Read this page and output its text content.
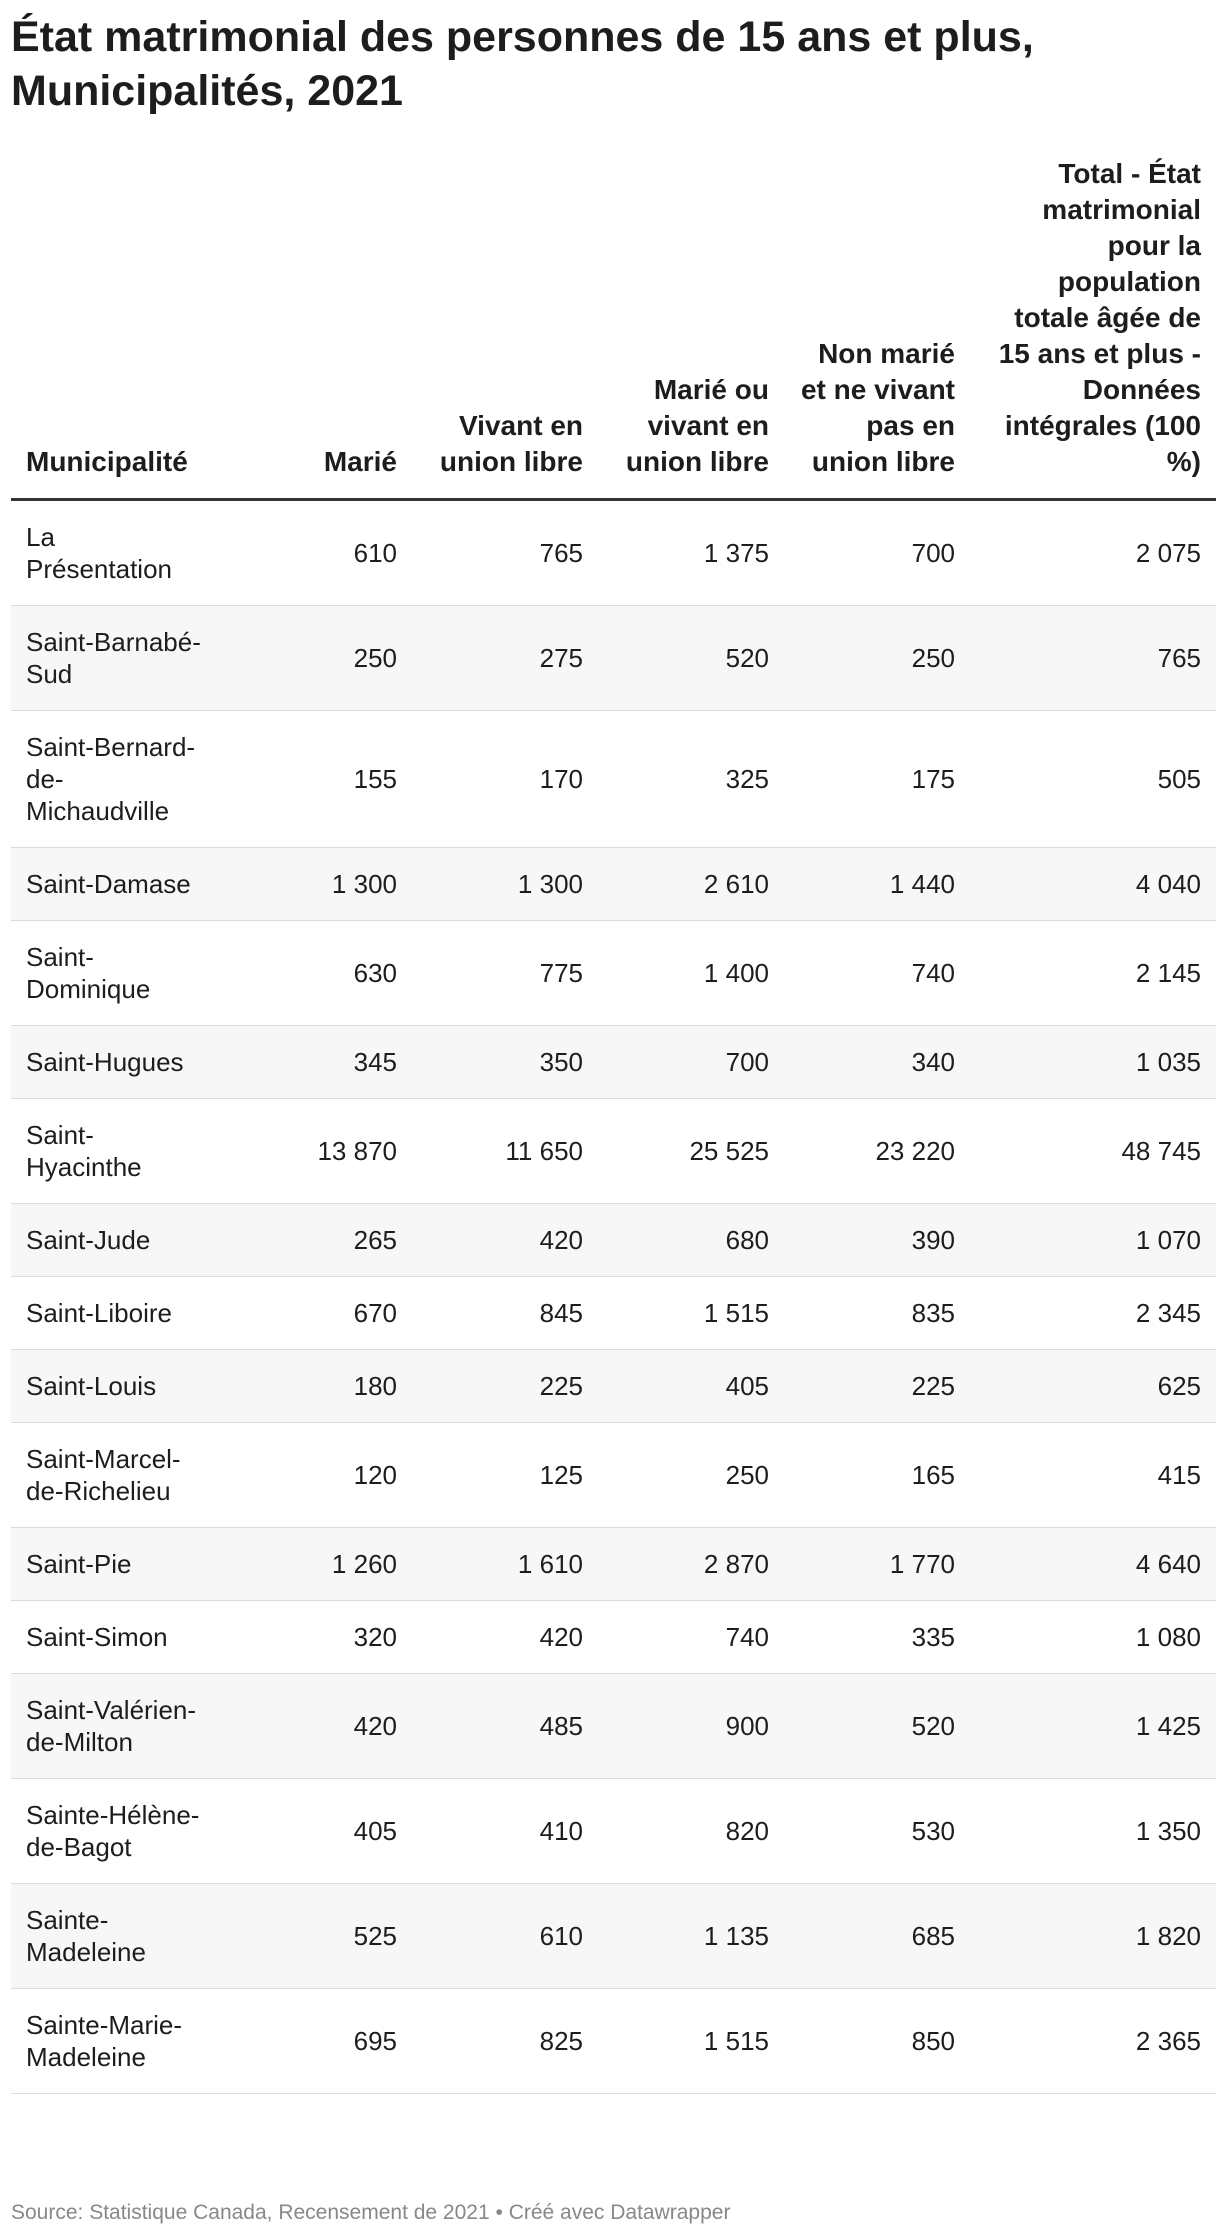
État matrimonial des personnes de 15 ans et plus, Municipalités, 2021
Municipalité	Marié	Vivant en union libre	Marié ou vivant en union libre	Non marié et ne vivant pas en union libre	Total - État matrimonial pour la population totale âgée de 15 ans et plus - Données intégrales (100 %)
La Présentation	610	765	1 375	700	2 075
Saint-Barnabé-Sud	250	275	520	250	765
Saint-Bernard-de-Michaudville	155	170	325	175	505
Saint-Damase	1 300	1 300	2 610	1 440	4 040
Saint-Dominique	630	775	1 400	740	2 145
Saint-Hugues	345	350	700	340	1 035
Saint-Hyacinthe	13 870	11 650	25 525	23 220	48 745
Saint-Jude	265	420	680	390	1 070
Saint-Liboire	670	845	1 515	835	2 345
Saint-Louis	180	225	405	225	625
Saint-Marcel-de-Richelieu	120	125	250	165	415
Saint-Pie	1 260	1 610	2 870	1 770	4 640
Saint-Simon	320	420	740	335	1 080
Saint-Valérien-de-Milton	420	485	900	520	1 425
Sainte-Hélène-de-Bagot	405	410	820	530	1 350
Sainte-Madeleine	525	610	1 135	685	1 820
Sainte-Marie-Madeleine	695	825	1 515	850	2 365
Source: Statistique Canada, Recensement de 2021 • Créé avec Datawrapper
